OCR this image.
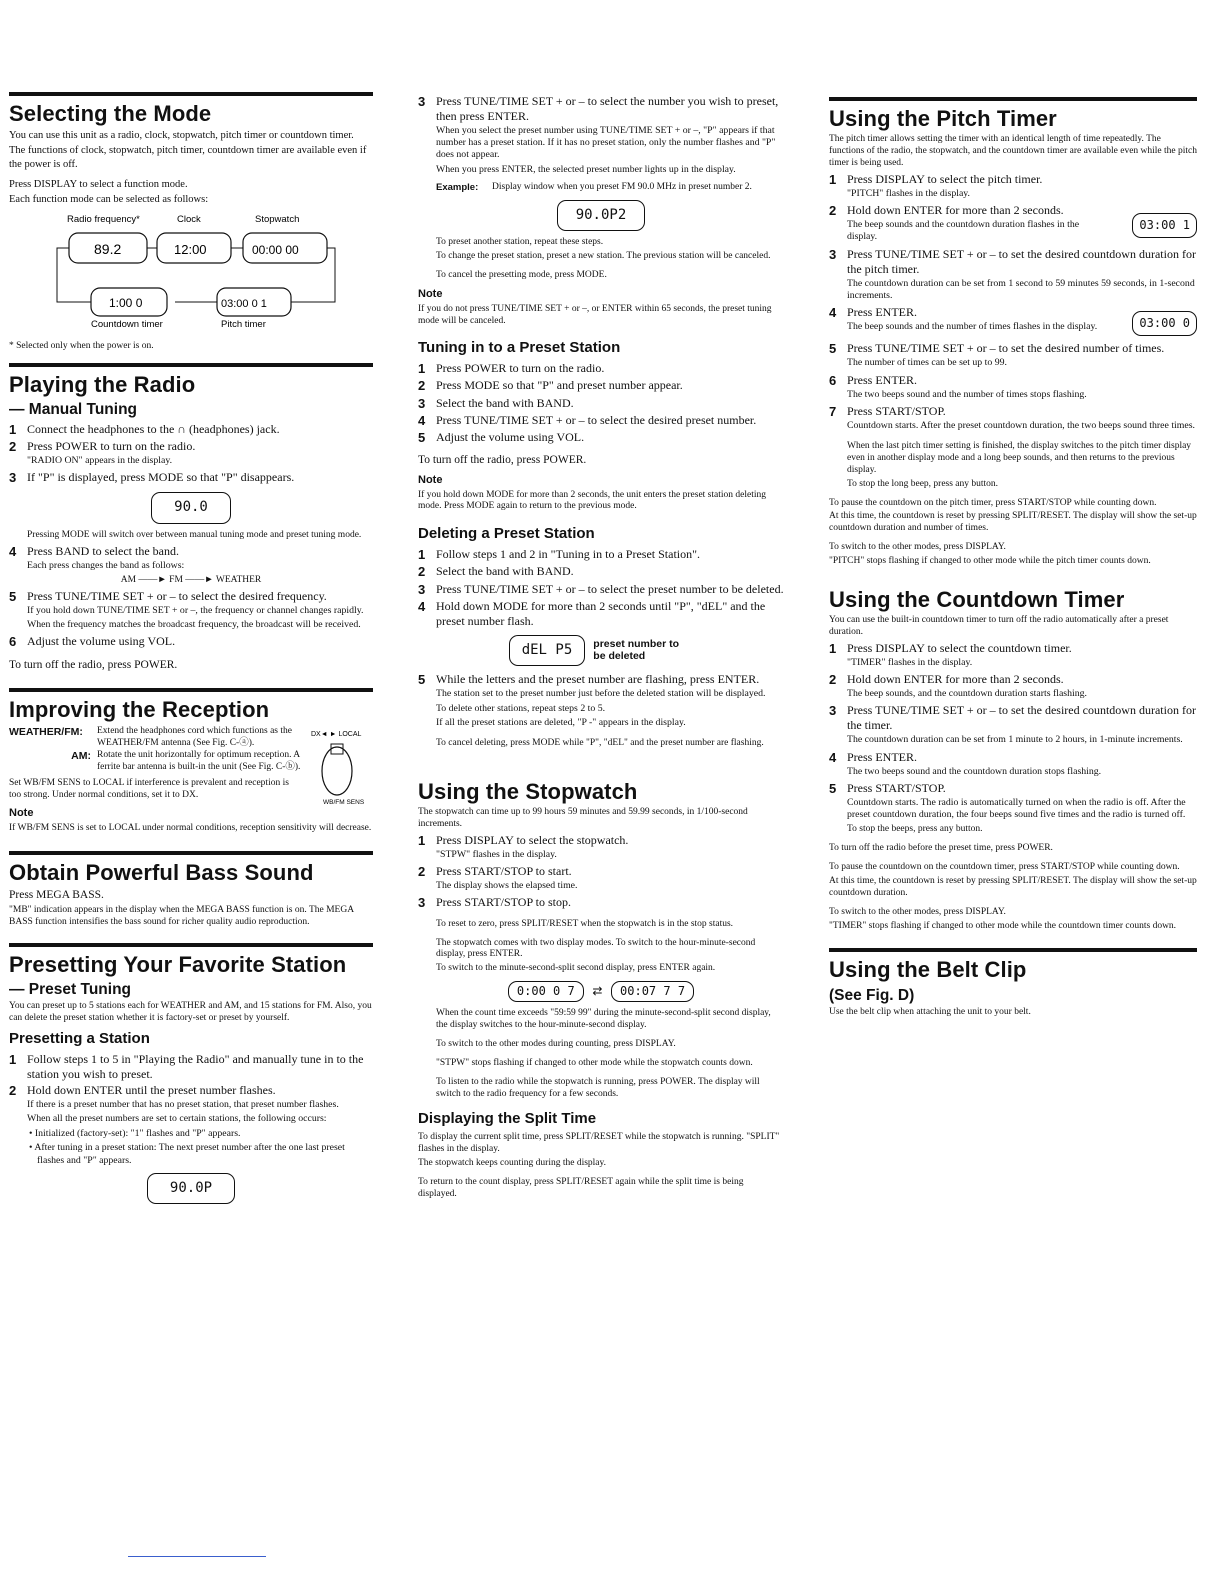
Selecting the Mode

You can use this unit as a radio, clock, stopwatch, pitch timer or countdown timer.

The functions of clock, stopwatch, pitch timer, countdown timer are available even if the power is off.

Press DISPLAY to select a function mode.

Each function mode can be selected as follows:

Radio frequency*	Clock	Stopwatch
89.2	12:00	00:00 00
1:00 0	03:00 0 1
Countdown timer	Pitch timer

* Selected only when the power is on.

Playing the Radio
— Manual Tuning
1 Connect the headphones to the ∩ (headphones) jack.
2 Press POWER to turn on the radio.
"RADIO ON" appears in the display.
3 If "P" is displayed, press MODE so that "P" disappears.
90.0

Pressing MODE will switch over between manual tuning mode and preset tuning mode.

4 Press BAND to select the band.
Each press changes the band as follows:

AM ——► FM ——► WEATHER

5 Press TUNE/TIME SET + or – to select the desired frequency.
If you hold down TUNE/TIME SET + or –, the frequency or channel changes rapidly.
When the frequency matches the broadcast frequency, the broadcast will be received.
6 Adjust the volume using VOL.

To turn off the radio, press POWER.

Improving the Reception
WEATHER/FM:	Extend the headphones cord which functions as the WEATHER/FM antenna (See Fig. C-ⓐ).
AM: Rotate the unit horizontally for optimum reception. A ferrite bar antenna is built-in the unit (See Fig. C-ⓑ).
DX◄ ► LOCAL
WB/FM SENS

Set WB/FM SENS to LOCAL if interference is prevalent and reception is too strong. Under normal conditions, set it to DX.

Note

If WB/FM SENS is set to LOCAL under normal conditions, reception sensitivity will decrease.

Obtain Powerful Bass Sound

Press MEGA BASS.

"MB" indication appears in the display when the MEGA BASS function is on. The MEGA BASS function intensifies the bass sound for richer quality audio reproduction.

Presetting Your Favorite Station
— Preset Tuning

You can preset up to 5 stations each for WEATHER and AM, and 15 stations for FM. Also, you can delete the preset station whether it is factory-set or preset by yourself.

Presetting a Station
1 Follow steps 1 to 5 in "Playing the Radio" and manually tune in to the station you wish to preset.
2 Hold down ENTER until the preset number flashes.
If there is a preset number that has no preset station, that preset number flashes.
When all the preset numbers are set to certain stations, the following occurs:

• Initialized (factory-set): "1" flashes and "P" appears.

• After tuning in a preset station: The next preset number after the one last preset flashes and "P" appears.

90.0P
3 Press TUNE/TIME SET + or – to select the number you wish to preset, then press ENTER.
When you select the preset number using TUNE/TIME SET + or –, "P" appears if that number has a preset station. If it has no preset station, only the number flashes and "P" does not appear.
When you press ENTER, the selected preset number lights up in the display.
Example:	Display window when you preset FM 90.0 MHz in preset number 2.
90.0P2

To preset another station, repeat these steps.

To change the preset station, preset a new station. The previous station will be canceled.

To cancel the presetting mode, press MODE.

Note

If you do not press TUNE/TIME SET + or –, or ENTER within 65 seconds, the preset tuning mode will be canceled.

Tuning in to a Preset Station
1 Press POWER to turn on the radio.
2 Press MODE so that "P" and preset number appear.
3 Select the band with BAND.
4 Press TUNE/TIME SET + or – to select the desired preset number.
5 Adjust the volume using VOL.

To turn off the radio, press POWER.

Note

If you hold down MODE for more than 2 seconds, the unit enters the preset station deleting mode. Press MODE again to return to the previous mode.

Deleting a Preset Station
1 Follow steps 1 and 2 in "Tuning in to a Preset Station".
2 Select the band with BAND.
3 Press TUNE/TIME SET + or – to select the preset number to be deleted.
4 Hold down MODE for more than 2 seconds until "P", "dEL" and the preset number flash.
dEL P5	preset number to be deleted
5 While the letters and the preset number are flashing, press ENTER.
The station set to the preset number just before the deleted station will be displayed.
To delete other stations, repeat steps 2 to 5.
If all the preset stations are deleted, "P -" appears in the display.

To cancel deleting, press MODE while "P", "dEL" and the preset number are flashing.

Using the Stopwatch

The stopwatch can time up to 99 hours 59 minutes and 59.99 seconds, in 1/100-second increments.

1 Press DISPLAY to select the stopwatch.
"STPW" flashes in the display.
2 Press START/STOP to start.
The display shows the elapsed time.
3 Press START/STOP to stop.

To reset to zero, press SPLIT/RESET when the stopwatch is in the stop status.

The stopwatch comes with two display modes. To switch to the hour-minute-second display, press ENTER.

To switch to the minute-second-split second display, press ENTER again.

0:00 0 7 ⇄ 00:07 7 7

When the count time exceeds "59:59 99" during the minute-second-split second display, the display switches to the hour-minute-second display.

To switch to the other modes during counting, press DISPLAY.

"STPW" stops flashing if changed to other mode while the stopwatch counts down.

To listen to the radio while the stopwatch is running, press POWER. The display will switch to the radio frequency for a few seconds.

Displaying the Split Time

To display the current split time, press SPLIT/RESET while the stopwatch is running. "SPLIT" flashes in the display.

The stopwatch keeps counting during the display.

To return to the count display, press SPLIT/RESET again while the split time is being displayed.

Using the Pitch Timer

The pitch timer allows setting the timer with an identical length of time repeatedly. The functions of the radio, the stopwatch, and the countdown timer are available even while the pitch timer is being used.

1 Press DISPLAY to select the pitch timer.
"PITCH" flashes in the display.
2 Hold down ENTER for more than 2 seconds.
The beep sounds and the countdown duration flashes in the display.
03:00 1
3 Press TUNE/TIME SET + or – to set the desired countdown duration for the pitch timer.
The countdown duration can be set from 1 second to 59 minutes 59 seconds, in 1-second increments.
4 Press ENTER.
The beep sounds and the number of times flashes in the display.	03:00 0
5 Press TUNE/TIME SET + or – to set the desired number of times.
The number of times can be set up to 99.
6 Press ENTER.
The two beeps sound and the number of times stops flashing.
7 Press START/STOP.
Countdown starts. After the preset countdown duration, the two beeps sound three times.

When the last pitch timer setting is finished, the display switches to the pitch timer display even in another display mode and a long beep sounds, and then returns to the previous display.

To stop the long beep, press any button.

To pause the countdown on the pitch timer, press START/STOP while counting down.

At this time, the countdown is reset by pressing SPLIT/RESET. The display will show the set-up countdown duration and number of times.

To switch to the other modes, press DISPLAY.

"PITCH" stops flashing if changed to other mode while the pitch timer counts down.

Using the Countdown Timer

You can use the built-in countdown timer to turn off the radio automatically after a preset duration.

1 Press DISPLAY to select the countdown timer.
"TIMER" flashes in the display.
2 Hold down ENTER for more than 2 seconds.
The beep sounds, and the countdown duration starts flashing.
3 Press TUNE/TIME SET + or – to set the desired countdown duration for the timer.
The countdown duration can be set from 1 minute to 2 hours, in 1-minute increments.
4 Press ENTER.
The two beeps sound and the countdown duration stops flashing.
5 Press START/STOP.
Countdown starts. The radio is automatically turned on when the radio is off. After the preset countdown duration, the four beeps sound five times and the radio is turned off.

To stop the beeps, press any button.

To turn off the radio before the preset time, press POWER.

To pause the countdown on the countdown timer, press START/STOP while counting down.

At this time, the countdown is reset by pressing SPLIT/RESET. The display will show the set-up countdown duration.

To switch to the other modes, press DISPLAY.

"TIMER" stops flashing if changed to other mode while the countdown timer counts down.

Using the Belt Clip
(See Fig. D)

Use the belt clip when attaching the unit to your belt.
